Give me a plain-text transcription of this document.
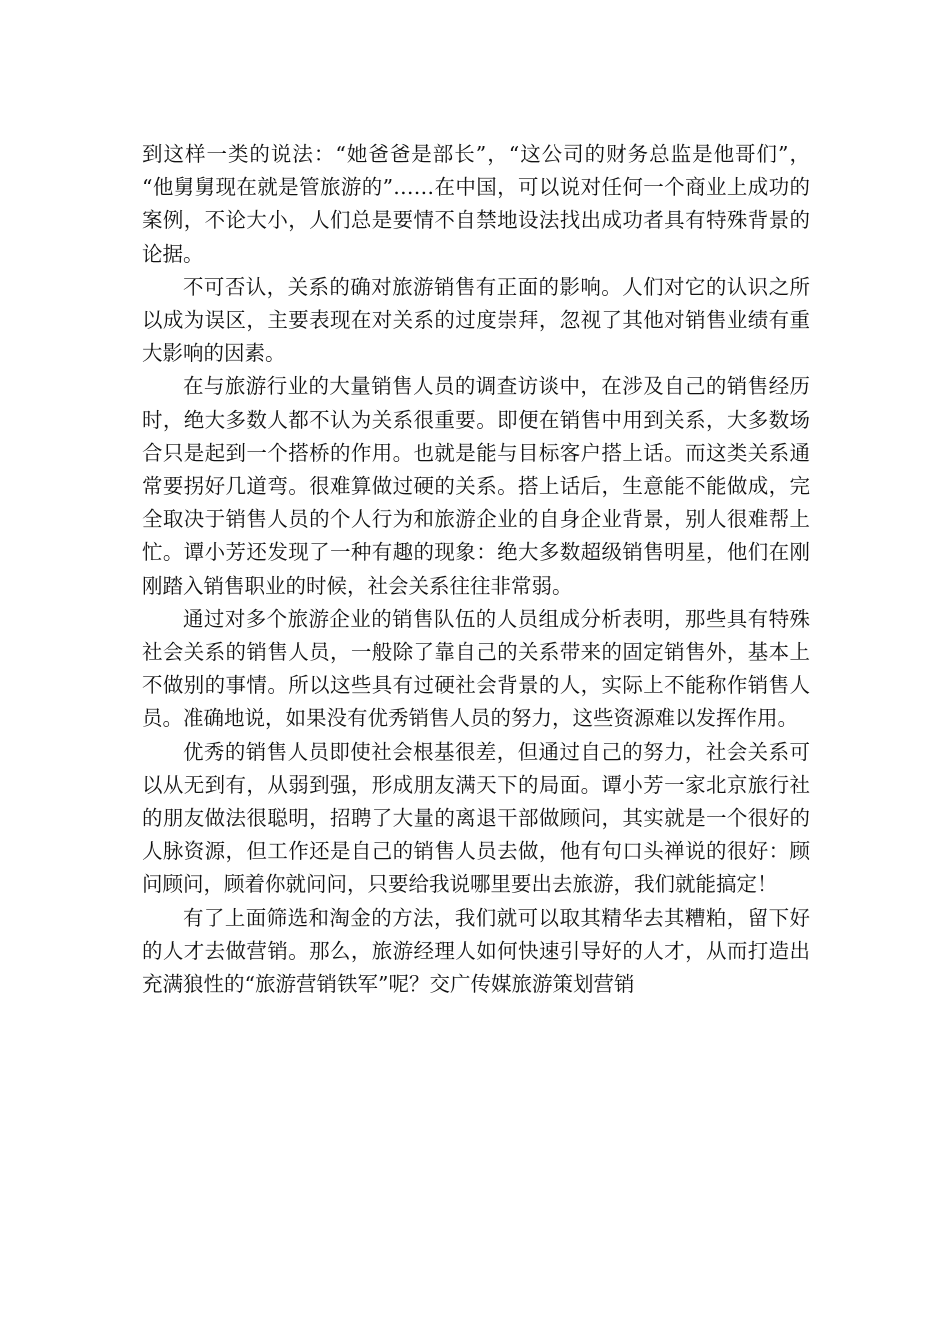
到这样一类的说法：“她爸爸是部长”，“这公司的财务总监是他哥们”， “他舅舅现在就是管旅游的”……在中国，可以说对任何一个商业上成功的案例，不论大小，人们总是要情不自禁地设法找出成功者具有特殊背景的论据。

不可否认，关系的确对旅游销售有正面的影响。人们对它的认识之所以成为误区，主要表现在对关系的过度崇拜，忽视了其他对销售业绩有重大影响的因素。

在与旅游行业的大量销售人员的调查访谈中，在涉及自己的销售经历时，绝大多数人都不认为关系很重要。即便在销售中用到关系，大多数场合只是起到一个搭桥的作用。也就是能与目标客户搭上话。而这类关系通常要拐好几道弯。很难算做过硬的关系。搭上话后，生意能不能做成，完全取决于销售人员的个人行为和旅游企业的自身企业背景，别人很难帮上忙。谭小芳还发现了一种有趣的现象：绝大多数超级销售明星，他们在刚刚踏入销售职业的时候，社会关系往往非常弱。

通过对多个旅游企业的销售队伍的人员组成分析表明，那些具有特殊社会关系的销售人员，一般除了靠自己的关系带来的固定销售外，基本上不做别的事情。所以这些具有过硬社会背景的人，实际上不能称作销售人员。准确地说，如果没有优秀销售人员的努力，这些资源难以发挥作用。

优秀的销售人员即使社会根基很差，但通过自己的努力，社会关系可以从无到有，从弱到强，形成朋友满天下的局面。谭小芳一家北京旅行社的朋友做法很聪明，招聘了大量的离退干部做顾问，其实就是一个很好的人脉资源，但工作还是自己的销售人员去做，他有句口头禅说的很好：顾问顾问，顾着你就问问，只要给我说哪里要出去旅游，我们就能搞定！

有了上面筛选和淘金的方法，我们就可以取其精华去其糟粕，留下好的人才去做营销。那么，旅游经理人如何快速引导好的人才，从而打造出充满狼性的“旅游营销铁军”呢？交广传媒旅游策划营销
